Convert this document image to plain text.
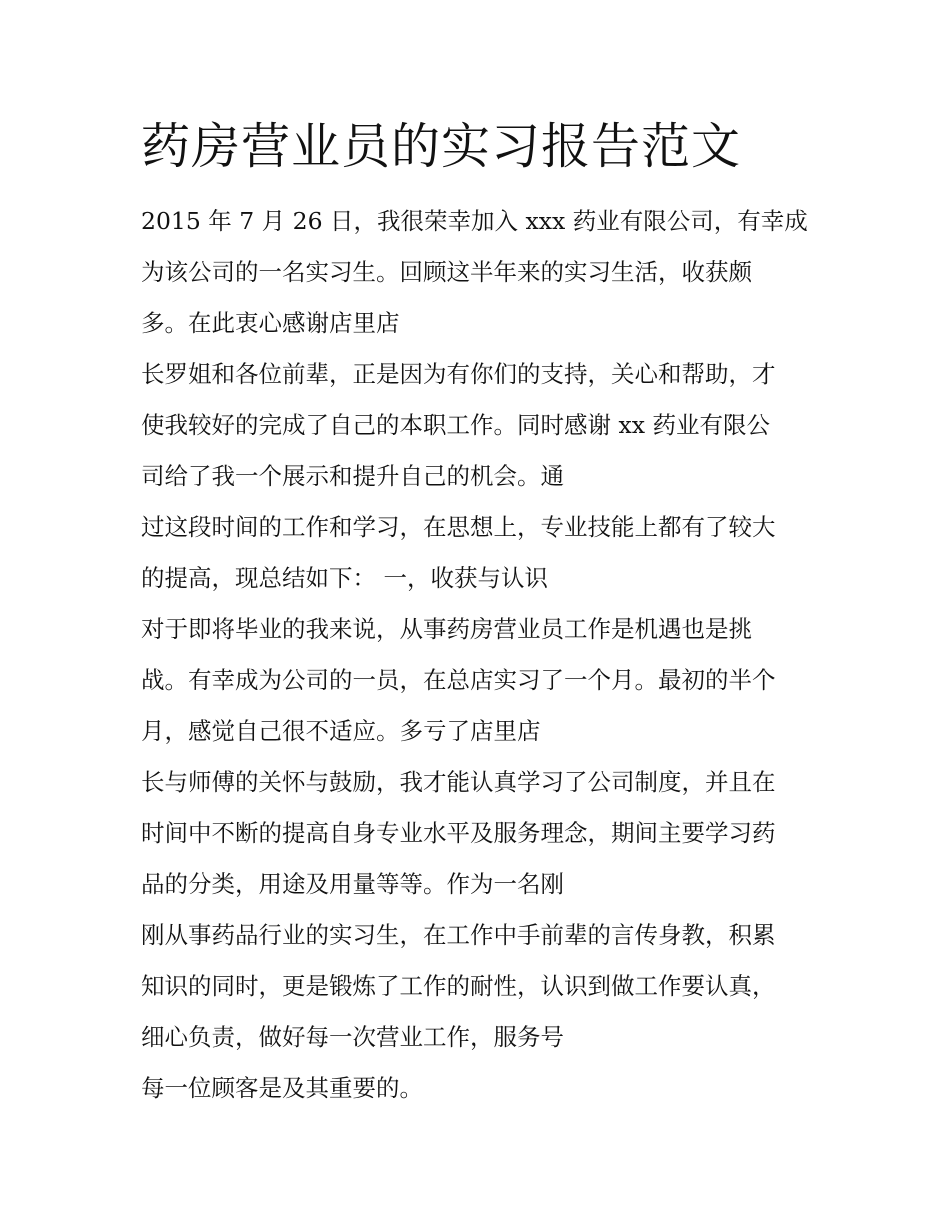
药房营业员的实习报告范文
2015 年 7 月 26 日，我很荣幸加入 xxx 药业有限公司，有幸成
为该公司的一名实习生。回顾这半年来的实习生活，收获颇
多。在此衷心感谢店里店
长罗姐和各位前辈，正是因为有你们的支持，关心和帮助，才
使我较好的完成了自己的本职工作。同时感谢 xx 药业有限公
司给了我一个展示和提升自己的机会。通
过这段时间的工作和学习，在思想上，专业技能上都有了较大
的提高，现总结如下： 一，收获与认识
对于即将毕业的我来说，从事药房营业员工作是机遇也是挑
战。有幸成为公司的一员，在总店实习了一个月。最初的半个
月，感觉自己很不适应。多亏了店里店
长与师傅的关怀与鼓励，我才能认真学习了公司制度，并且在
时间中不断的提高自身专业水平及服务理念，期间主要学习药
品的分类，用途及用量等等。作为一名刚
刚从事药品行业的实习生，在工作中手前辈的言传身教，积累
知识的同时，更是锻炼了工作的耐性，认识到做工作要认真，
细心负责，做好每一次营业工作，服务号
每一位顾客是及其重要的。
